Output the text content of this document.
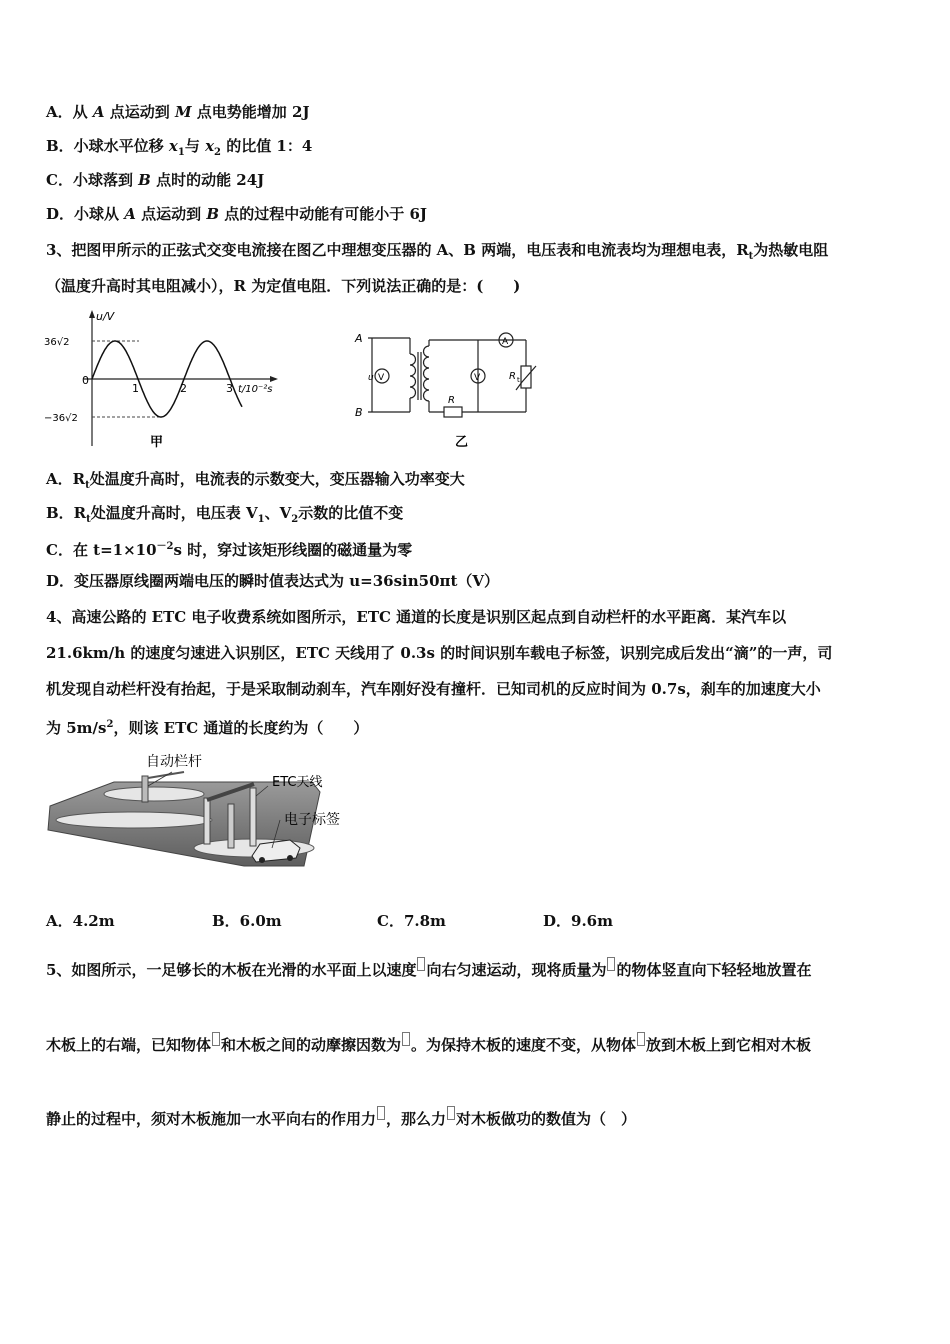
A．从 A 点运动到 M 点电势能增加 2J
B．小球水平位移 $x_1$与 $x_2$ 的比值 1：4
C．小球落到 B 点时的动能 24J
D．小球从 A 点运动到 B 点的过程中动能有可能小于 6J
3、把图甲所示的正弦式交变电流接在图乙中理想变压器的 A、B 两端，电压表和电流表均为理想电表，$R_t$为热敏电阻
（温度升高时其电阻减小），R 为定值电阻．下列说法正确的是：(　　)
u/V
36√2
−36√2
0
1	2	3 t/10⁻²s
甲
A
B
u V	V
A
R
R t
乙
A．$R_t$处温度升高时，电流表的示数变大，变压器输入功率变大
B．$R_t$处温度升高时，电压表 $V_1$、$V_2$示数的比值不变
C．在 $t=1\times 10^{-2}s$ 时，穿过该矩形线圈的磁通量为零
D．变压器原线圈两端电压的瞬时值表达式为 u=36sin50πt（V）
4、高速公路的 ETC 电子收费系统如图所示，ETC 通道的长度是识别区起点到自动栏杆的水平距离．某汽车以
21.6km/h 的速度匀速进入识别区，ETC 天线用了 0.3s 的时间识别车载电子标签，识别完成后发出“滴”的一声，司
机发现自动栏杆没有抬起，于是采取制动刹车，汽车刚好没有撞杆．已知司机的反应时间为 0.7s，刹车的加速度大小
为 $5m/s^2$，则该 ETC 通道的长度约为（　　）
自动栏杆
ETC天线
电子标签
A．4.2m	B．6.0m	C．7.8m	D．9.6m
5、如图所示，一足够长的木板在光滑的水平面上以速度 向右匀速运动，现将质量为 的物体竖直向下轻轻地放置在
木板上的右端，已知物体 和木板之间的动摩擦因数为 。为保持木板的速度不变，从物体 放到木板上到它相对木板
静止的过程中，须对木板施加一水平向右的作用力 ，那么力 对木板做功的数值为（　）
